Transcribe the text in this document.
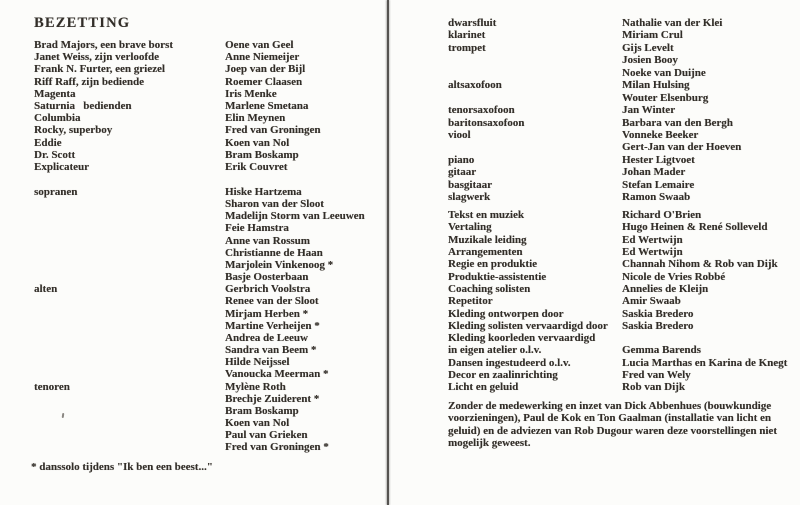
BEZETTING
Brad Majors, een brave borst	Oene van Geel
Janet Weiss, zijn verloofde	Anne Niemeijer
Frank N. Furter, een griezel	Joep van der Bijl
Riff Raff, zijn bediende	Roemer Claasen
Magenta	Iris Menke
Saturnia   bedienden	Marlene Smetana
Columbia	Elin Meynen
Rocky, superboy	Fred van Groningen
Eddie	Koen van Nol
Dr. Scott	Bram Boskamp
Explicateur	Erik Couvret
sopranen	Hiske Hartzema
Sharon van der Sloot
Madelijn Storm van Leeuwen
Feie Hamstra
Anne van Rossum
Christianne de Haan
Marjolein Vinkenoog *
Basje Oosterbaan
alten	Gerbrich Voolstra
Renee van der Sloot
Mirjam Herben *
Martine Verheijen *
Andrea de Leeuw
Sandra van Beem *
Hilde Neijssel
Vanoucka Meerman *
tenoren	Mylène Roth
Brechje Zuiderent *
Bram Boskamp
Koen van Nol
Paul van Grieken
Fred van Groningen *
* danssolo tijdens "Ik ben een beest..."
dwarsfluit	Nathalie van der Klei
klarinet	Miriam Crul
trompet	Gijs Levelt
Josien Booy
Noeke van Duijne
altsaxofoon	Milan Hulsing
Wouter Elsenburg
tenorsaxofoon	Jan Winter
baritonsaxofoon	Barbara van den Bergh
viool	Vonneke Beeker
Gert-Jan van der Hoeven
piano	Hester Ligtvoet
gitaar	Johan Mader
basgitaar	Stefan Lemaire
slagwerk	Ramon Swaab
Tekst en muziek	Richard O'Brien
Vertaling	Hugo Heinen & René Solleveld
Muzikale leiding	Ed Wertwijn
Arrangementen	Ed Wertwijn
Regie en produktie	Channah Nihom & Rob van Dijk
Produktie-assistentie	Nicole de Vries Robbé
Coaching solisten	Annelies de Kleijn
Repetitor	Amir Swaab
Kleding ontworpen door	Saskia Bredero
Kleding solisten vervaardigd door	Saskia Bredero
Kleding koorleden vervaardigd
in eigen atelier o.l.v.	Gemma Barends
Dansen ingestudeerd o.l.v.	Lucia Marthas en Karina de Knegt
Decor en zaalinrichting	Fred van Wely
Licht en geluid	Rob van Dijk
Zonder de medewerking en inzet van Dick Abbenhues (bouwkundige voorzieningen), Paul de Kok en Ton Gaalman (installatie van licht en geluid) en de adviezen van Rob Dugour waren deze voorstellingen niet mogelijk geweest.
